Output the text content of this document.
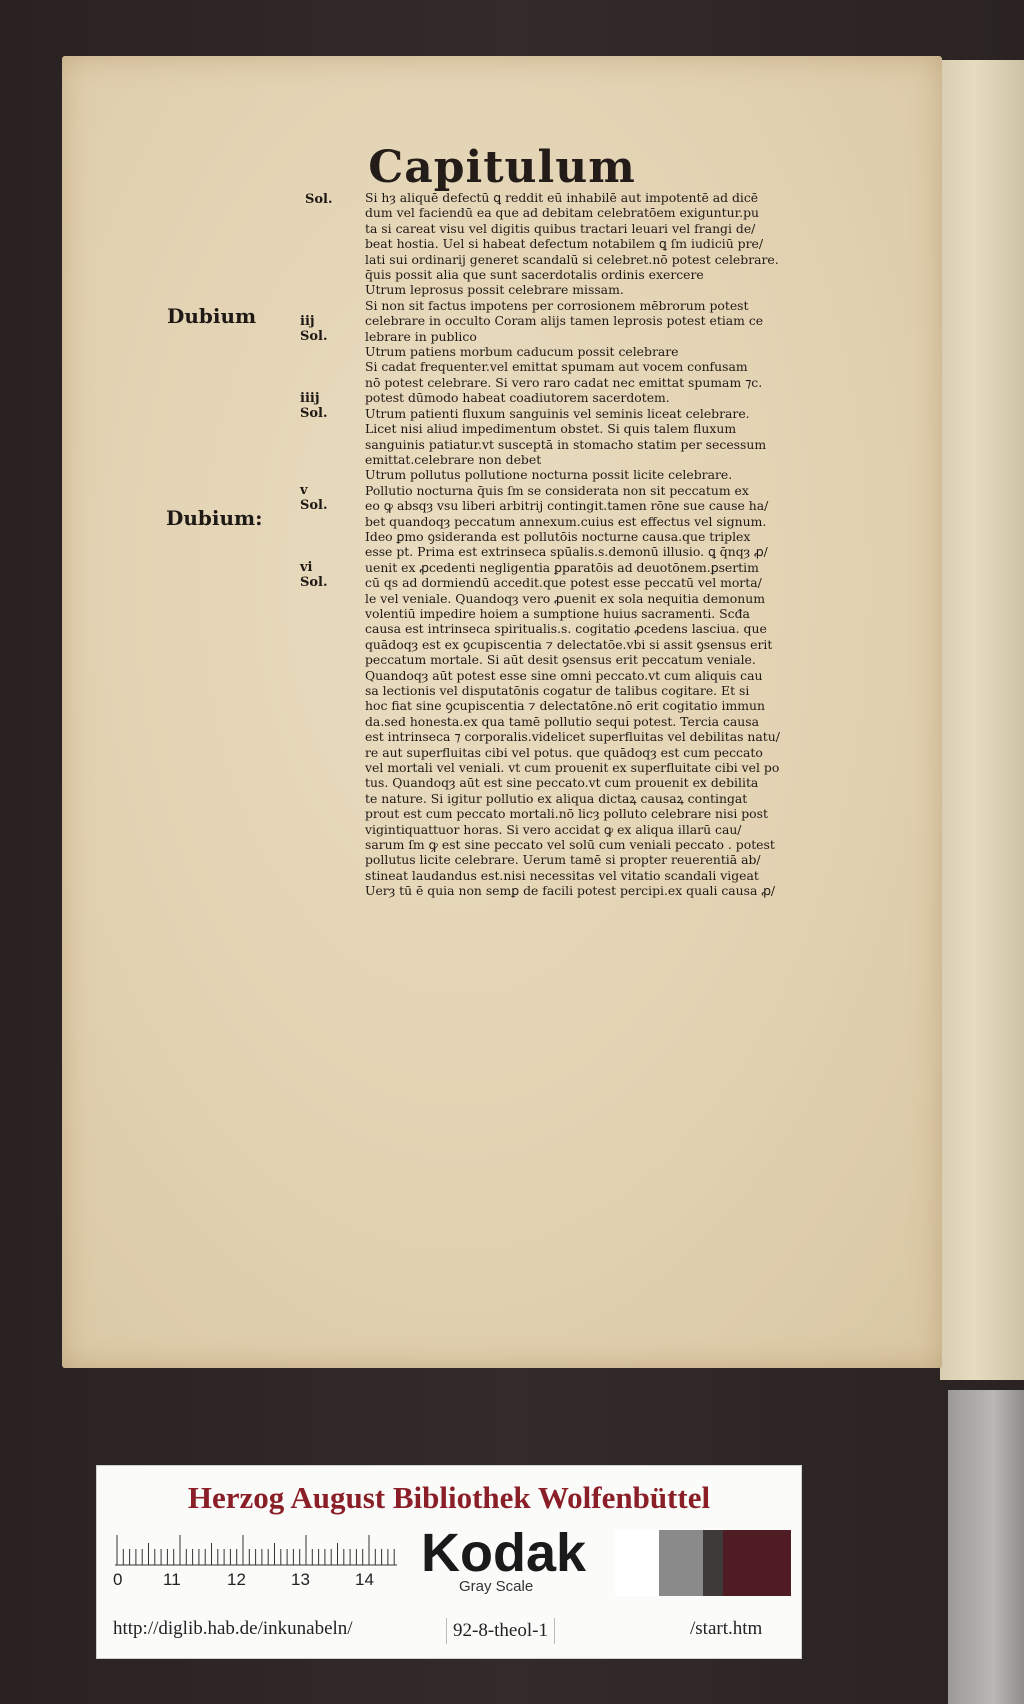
Capitulum
Dubium
Dubium:
Sol.
iij
Sol.
iiij
Sol.
v
Sol.
vi
Sol.
Si hȝ aliquē defectū ꝗ reddit eū inhabilē aut impotentē ad dicē
dum vel faciendū ea que ad debitam celebratōem exiguntur.pu
ta si careat visu vel digitis quibus tractari leuari vel frangi de/
beat hostia. Uel si habeat defectum notabilem ꝗ ſm iudiciū pre/
lati sui ordinarij generet scandalū si celebret.nō potest celebrare.
q̄uis possit alia que sunt sacerdotalis ordinis exercere
Utrum leprosus possit celebrare missam.
Si non sit factus impotens per corrosionem mēbrorum potest
celebrare in occulto Coram alijs tamen leprosis potest etiam ce
lebrare in publico
Utrum patiens morbum caducum possit celebrare
Si cadat frequenter.vel emittat spumam aut vocem confusam
nō potest celebrare. Si vero raro cadat nec emittat spumam ⁊c.
potest dūmodo habeat coadiutorem sacerdotem.
Utrum patienti fluxum sanguinis vel seminis liceat celebrare.
Licet nisi aliud impedimentum obstet. Si quis talem fluxum
sanguinis patiatur.vt susceptā in stomacho statim per secessum
emittat.celebrare non debet
Utrum pollutus pollutione nocturna possit licite celebrare.
Pollutio nocturna q̄uis ſm se considerata non sit peccatum ex
eo ꝙ absqȝ vsu liberi arbitrij contingit.tamen rōne sue cause ha/
bet quandoqȝ peccatum annexum.cuius est effectus vel signum.
Ideo ꝑmo ꝯsideranda est pollutōis nocturne causa.que triplex
esse pt. Prima est extrinseca spūalis.s.demonū illusio. ꝗ q̄nqȝ ꝓ/
uenit ex ꝓcedenti negligentia ꝑparatōis ad deuotōnem.ꝑsertim
cū qs ad dormiendū accedit.que potest esse peccatū vel morta/
le vel veniale. Quandoqȝ vero ꝓuenit ex sola nequitia demonum
volentiū impedire hoiem a sumptione huius sacramenti. Scđa
causa est intrinseca spiritualis.s. cogitatio ꝓcedens lasciua. que
quādoqȝ est ex ꝯcupiscentia ⁊ delectatōe.vbi si assit ꝯsensus erit
peccatum mortale. Si aūt desit ꝯsensus erit peccatum veniale.
Quandoqȝ aūt potest esse sine omni peccato.vt cum aliquis cau
sa lectionis vel disputatōnis cogatur de talibus cogitare. Et si
hoc fiat sine ꝯcupiscentia ⁊ delectatōne.nō erit cogitatio immun
da.sed honesta.ex qua tamē pollutio sequi potest. Tercia causa
est intrinseca ⁊ corporalis.videlicet superfluitas vel debilitas natu/
re aut superfluitas cibi vel potus. que quādoqȝ est cum peccato
vel mortali vel veniali. vt cum prouenit ex superfluitate cibi vel po
tus. Quandoqȝ aūt est sine peccato.vt cum prouenit ex debilita
te nature. Si igitur pollutio ex aliqua dictaꝝ causaꝝ contingat
prout est cum peccato mortali.nō licȝ polluto celebrare nisi post
vigintiquattuor horas. Si vero accidat ꝙ ex aliqua illarū cau/
sarum ſm ꝙ est sine peccato vel solū cum veniali peccato . potest
pollutus licite celebrare. Uerum tamē si propter reuerentiā ab/
stineat laudandus est.nisi necessitas vel vitatio scandali vigeat
Uerȝ tū ē quia non semꝑ de facili potest percipi.ex quali causa ꝓ/
Herzog August Bibliothek Wolfenbüttel
0 11	12	13	14 Kodak
Gray Scale
http://diglib.hab.de/inkunabeln/	92-8-theol-1	/start.htm
